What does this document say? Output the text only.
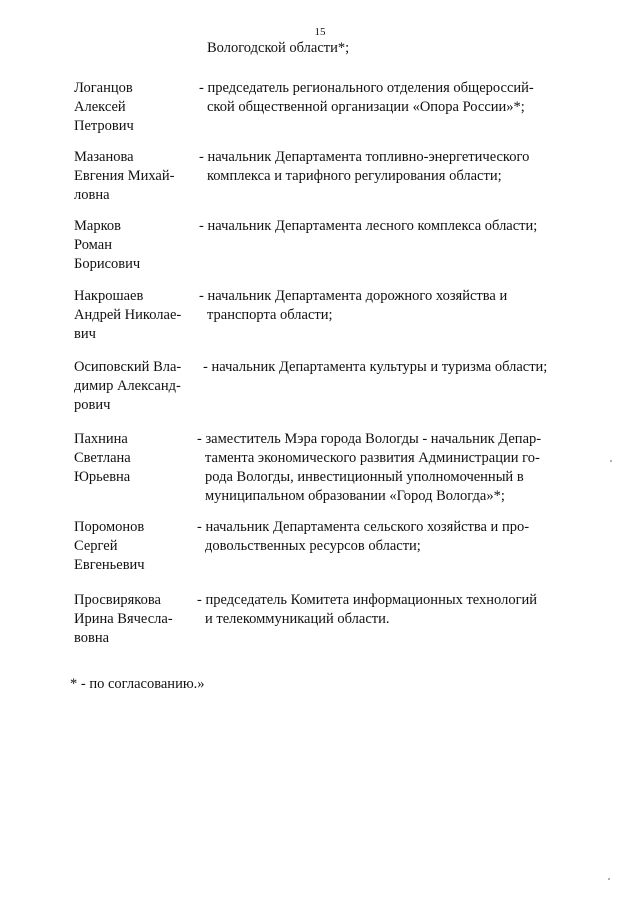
15
Вологодской области*;
Логанцов
Алексей
Петрович
- председатель регионального отделения общероссий-
ской общественной организации «Опора России»*;
Мазанова
Евгения Михай-
ловна
- начальник Департамента топливно-энергетического
комплекса и тарифного регулирования области;
Марков
Роман
Борисович
- начальник Департамента лесного комплекса области;
Накрошаев
Андрей Николае-
вич
- начальник Департамента дорожного хозяйства и
транспорта области;
Осиповский Вла-
димир Александ-
рович
- начальник Департамента культуры и туризма области;
Пахнина
Светлана
Юрьевна
- заместитель Мэра города Вологды - начальник Депар-
тамента экономического развития Администрации го-
рода Вологды, инвестиционный уполномоченный в
муниципальном образовании «Город Вологда»*;
Поромонов
Сергей
Евгеньевич
- начальник Департамента сельского хозяйства и про-
довольственных ресурсов области;
Просвирякова
Ирина Вячесла-
вовна
- председатель Комитета информационных технологий
и телекоммуникаций области.
* - по согласованию.»
